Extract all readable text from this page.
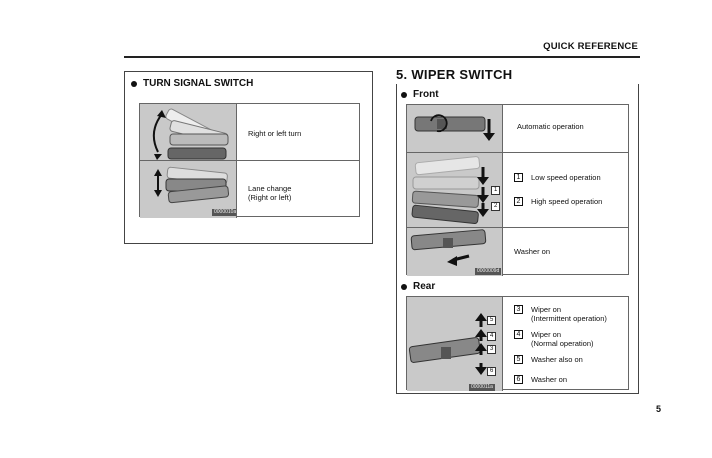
QUICK REFERENCE
TURN SIGNAL SWITCH
Right or left turn
0000010a
Lane change
(Right or left)
5. WIPER SWITCH
Front
Automatic operation
1
2
1 Low speed operation
2 High speed operation
0000009d
Washer on
Rear
5
4
3
6
0000011a
3 Wiper on
(Intermittent operation)
4 Wiper on
(Normal operation)
5 Washer also on
6 Washer on
5
